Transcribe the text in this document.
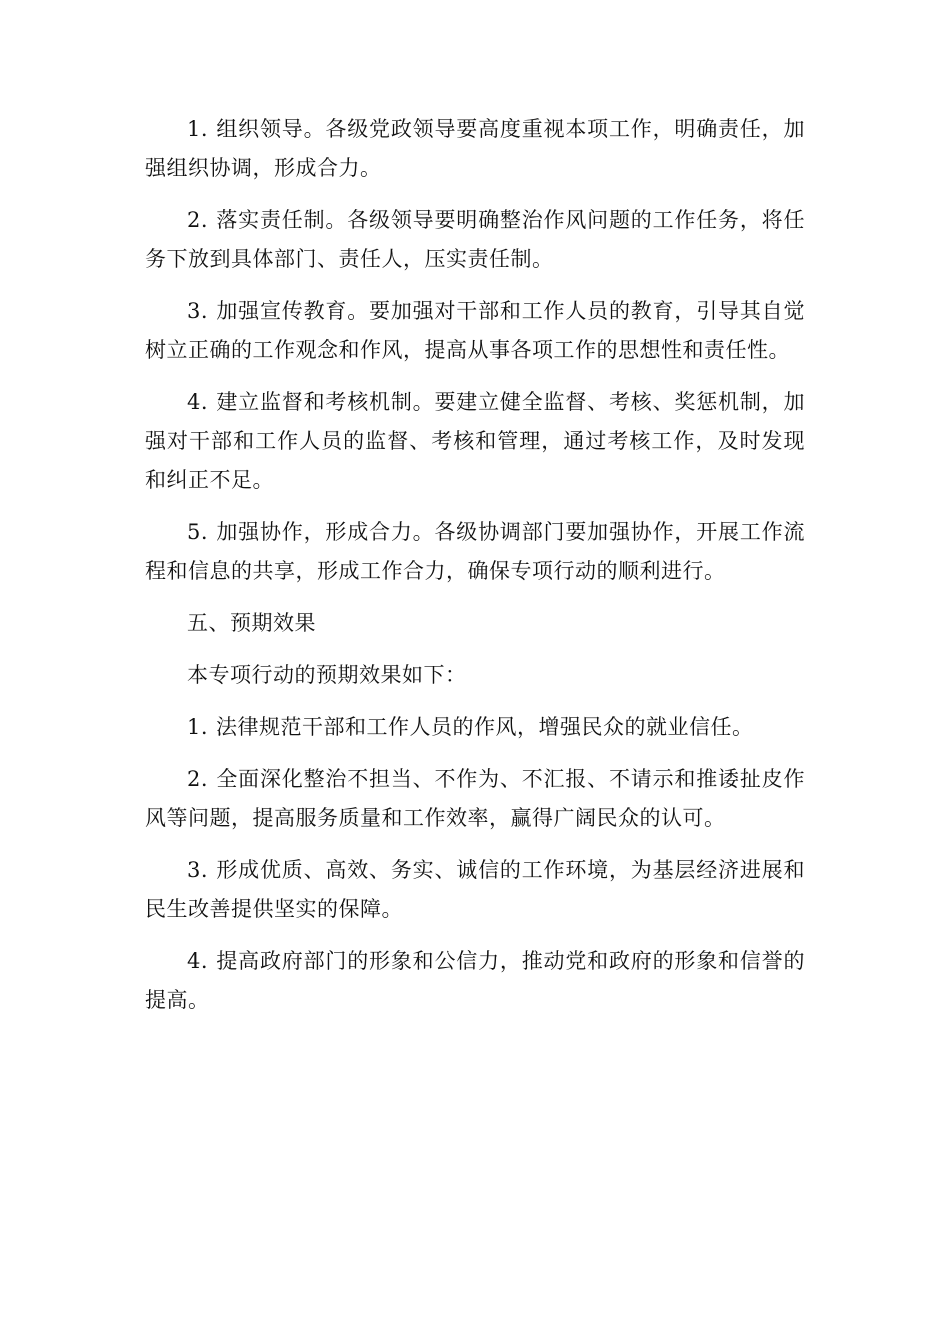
1. 组织领导。各级党政领导要高度重视本项工作，明确责任，加强组织协调，形成合力。

2. 落实责任制。各级领导要明确整治作风问题的工作任务，将任务下放到具体部门、责任人，压实责任制。

3. 加强宣传教育。要加强对干部和工作人员的教育，引导其自觉树立正确的工作观念和作风，提高从事各项工作的思想性和责任性。

4. 建立监督和考核机制。要建立健全监督、考核、奖惩机制，加强对干部和工作人员的监督、考核和管理，通过考核工作，及时发现和纠正不足。

5. 加强协作，形成合力。各级协调部门要加强协作，开展工作流程和信息的共享，形成工作合力，确保专项行动的顺利进行。

五、预期效果

本专项行动的预期效果如下：

1. 法律规范干部和工作人员的作风，增强民众的就业信任。

2. 全面深化整治不担当、不作为、不汇报、不请示和推诿扯皮作风等问题，提高服务质量和工作效率，赢得广阔民众的认可。

3. 形成优质、高效、务实、诚信的工作环境，为基层经济进展和民生改善提供坚实的保障。

4. 提高政府部门的形象和公信力，推动党和政府的形象和信誉的提高。
